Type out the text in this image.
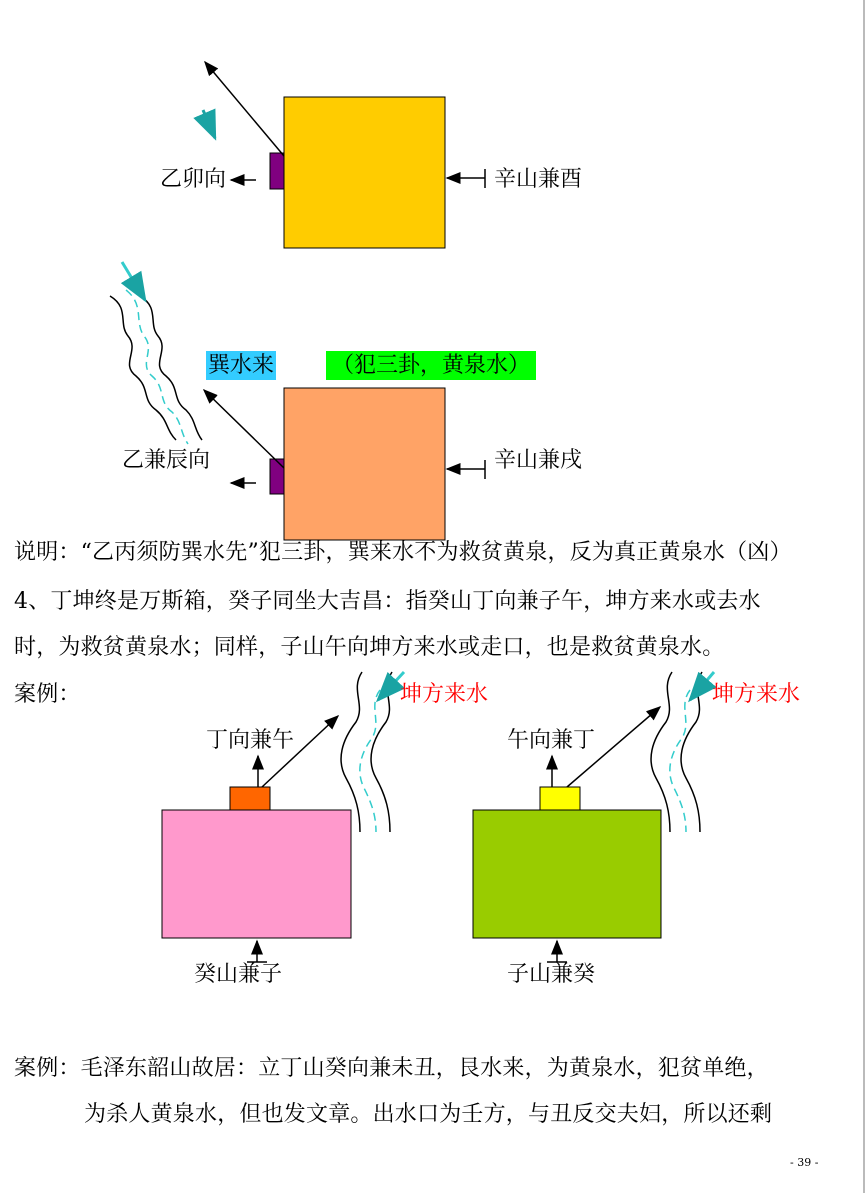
乙卯向	辛山兼酉
巽水来	（犯三卦，黄泉水）
乙兼辰向	辛山兼戌
说明：“乙丙须防巽水先”犯三卦，巽来水不为救贫黄泉，反为真正黄泉水（凶）
4、丁坤终是万斯箱，癸子同坐大吉昌：指癸山丁向兼子午，坤方来水或去水
时，为救贫黄泉水；同样，子山午向坤方来水或走口，也是救贫黄泉水。
案例：	坤方来水
丁向兼午
癸山兼子
坤方来水
午向兼丁
子山兼癸
案例：毛泽东韶山故居：立丁山癸向兼未丑，艮水来，为黄泉水，犯贫单绝，
为杀人黄泉水，但也发文章。出水口为壬方，与丑反交夫妇，所以还剩
- 39 -
